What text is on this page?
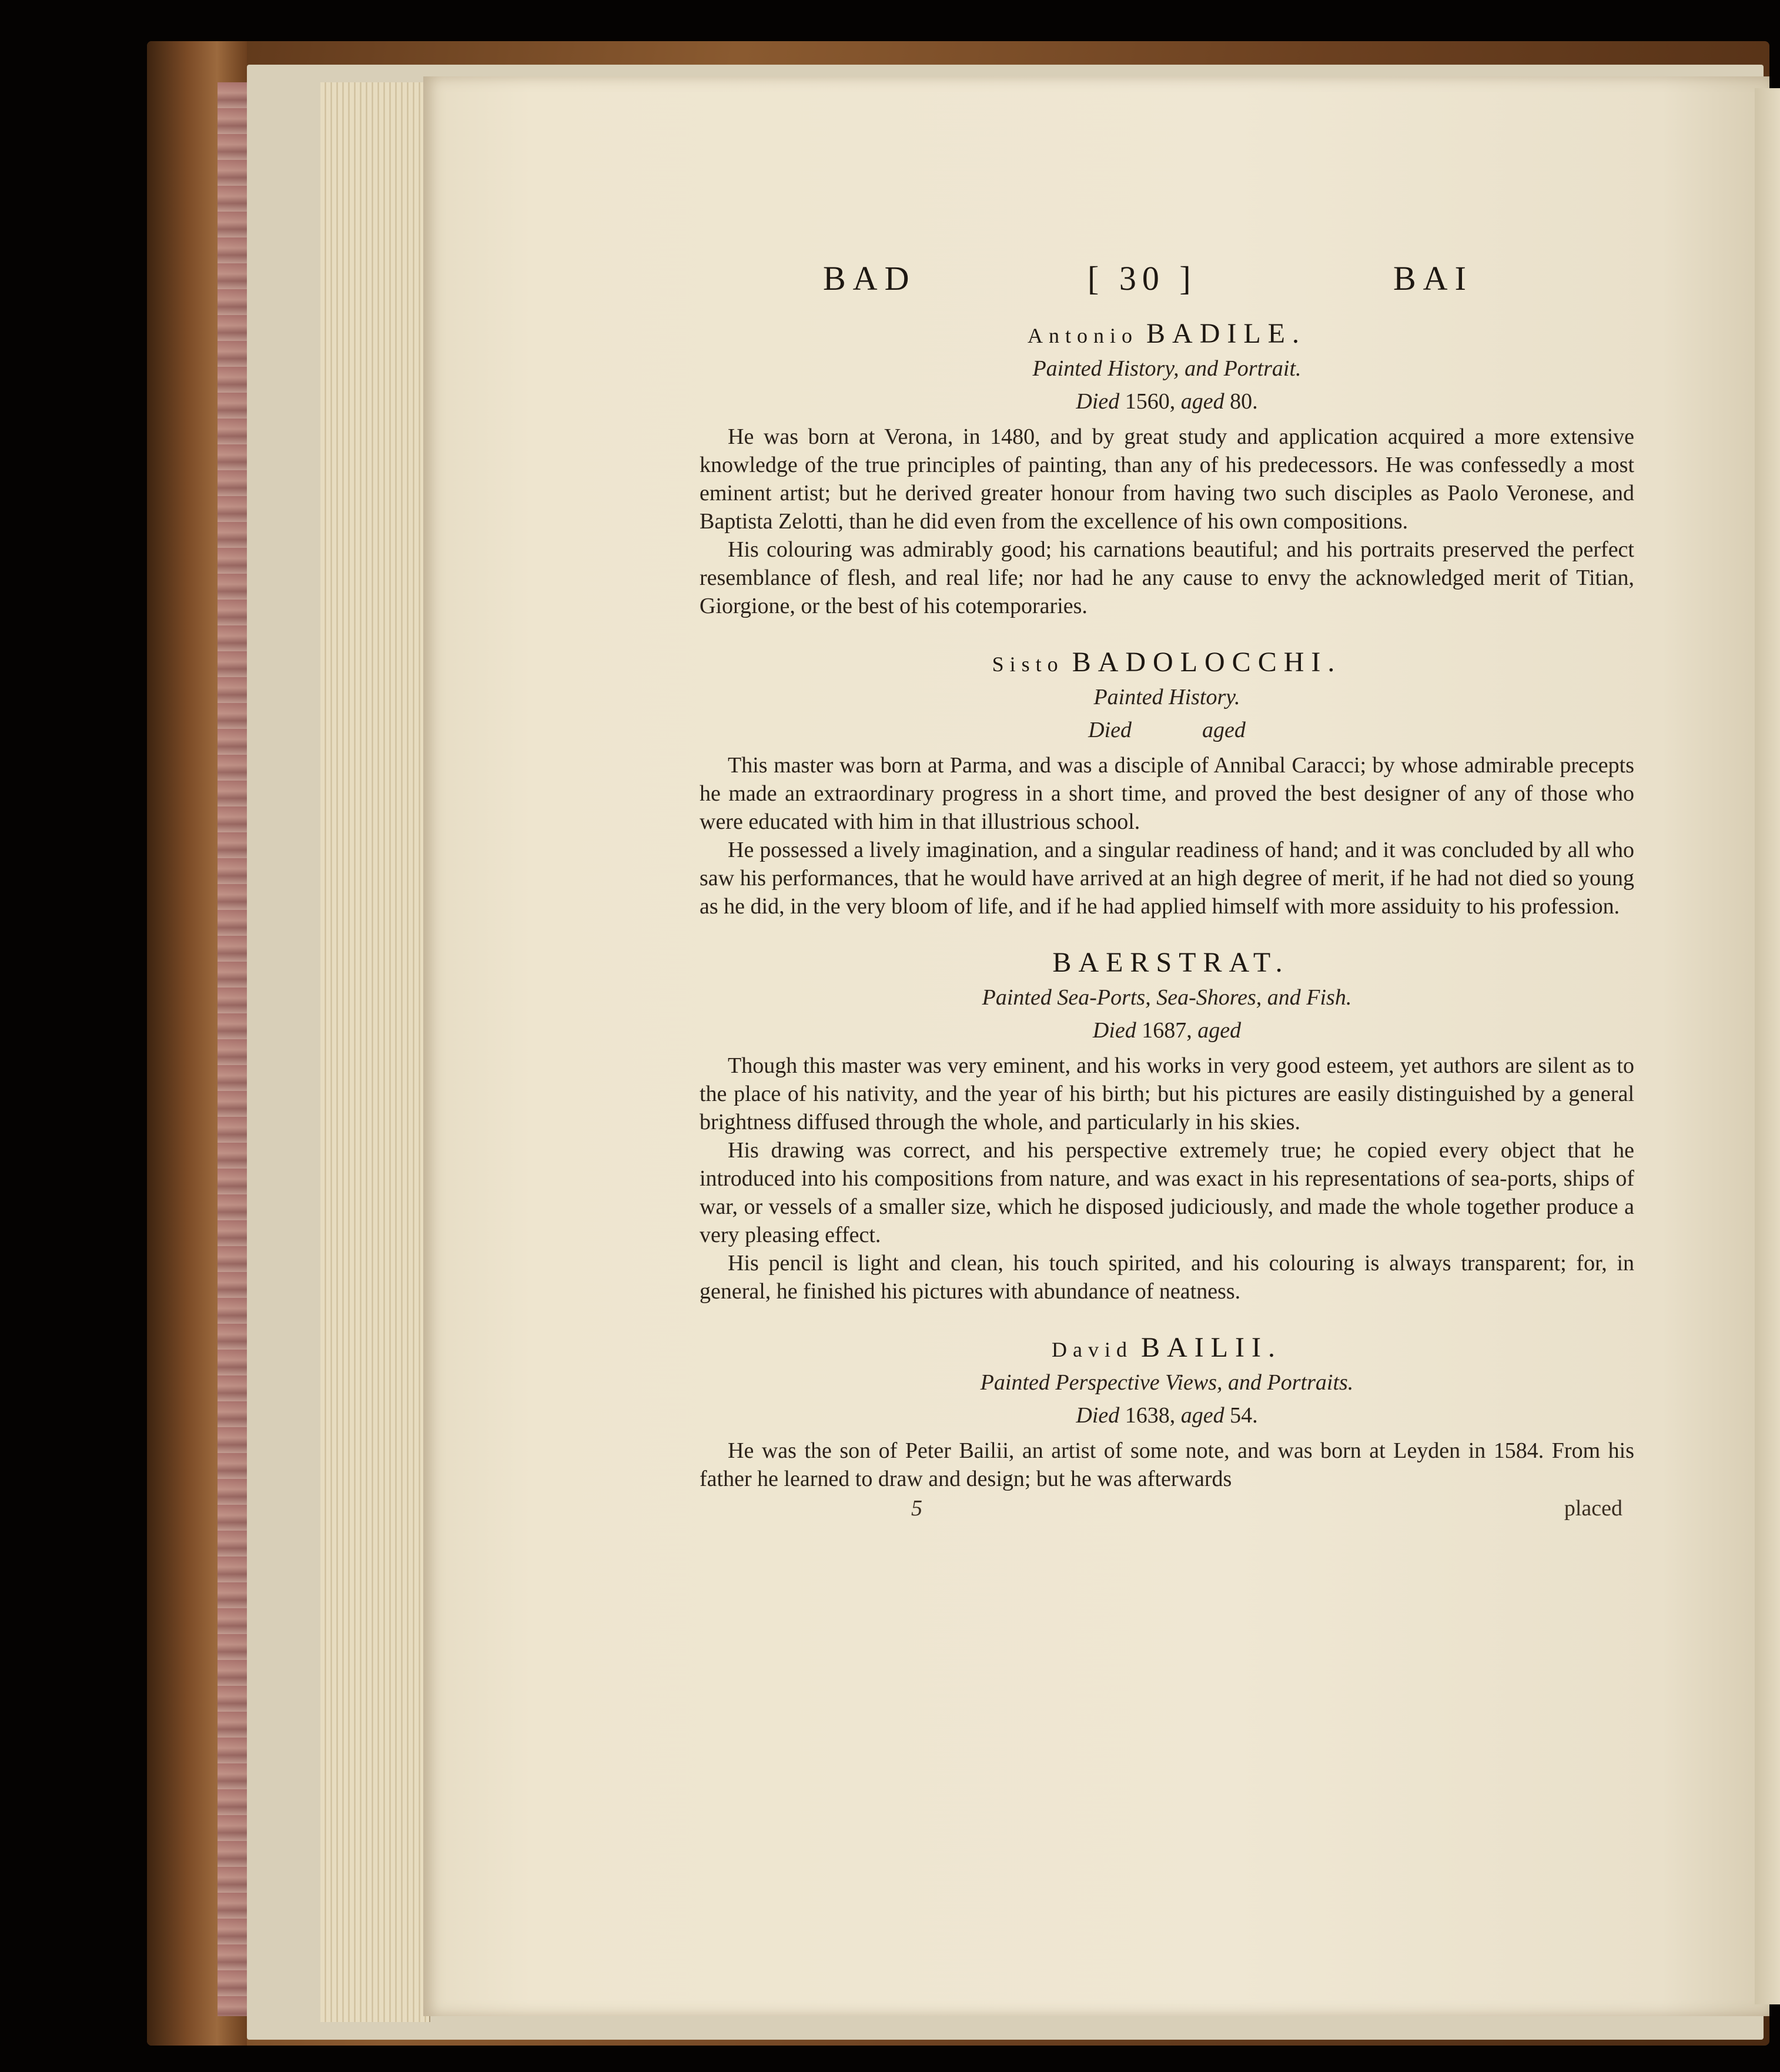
BAD	[ 30 ]	BAI

Antonio BADILE.

Painted History, and Portrait.

Died 1560, aged 80.

He was born at Verona, in 1480, and by great study and application acquired a more extensive knowledge of the true principles of painting, than any of his predecessors. He was confessedly a most eminent artist; but he derived greater honour from having two such disciples as Paolo Veronese, and Baptista Zelotti, than he did even from the excellence of his own compositions.

His colouring was admirably good; his carnations beautiful; and his portraits preserved the perfect resemblance of flesh, and real life; nor had he any cause to envy the acknowledged merit of Titian, Giorgione, or the best of his cotemporaries.

Sisto BADOLOCCHI.

Painted History.

Died	aged

This master was born at Parma, and was a disciple of Annibal Caracci; by whose admirable precepts he made an extraordinary progress in a short time, and proved the best designer of any of those who were educated with him in that illustrious school.

He possessed a lively imagination, and a singular readiness of hand; and it was concluded by all who saw his performances, that he would have arrived at an high degree of merit, if he had not died so young as he did, in the very bloom of life, and if he had applied himself with more assiduity to his profession.

BAERSTRAT.

Painted Sea-Ports, Sea-Shores, and Fish.

Died 1687, aged

Though this master was very eminent, and his works in very good esteem, yet authors are silent as to the place of his nativity, and the year of his birth; but his pictures are easily distinguished by a general brightness diffused through the whole, and particularly in his skies.

His drawing was correct, and his perspective extremely true; he copied every object that he introduced into his compositions from nature, and was exact in his representations of sea-ports, ships of war, or vessels of a smaller size, which he disposed judiciously, and made the whole together produce a very pleasing effect.

His pencil is light and clean, his touch spirited, and his colouring is always transparent; for, in general, he finished his pictures with abundance of neatness.

David BAILII.

Painted Perspective Views, and Portraits.

Died 1638, aged 54.

He was the son of Peter Bailii, an artist of some note, and was born at Leyden in 1584. From his father he learned to draw and design; but he was afterwards

5	placed
